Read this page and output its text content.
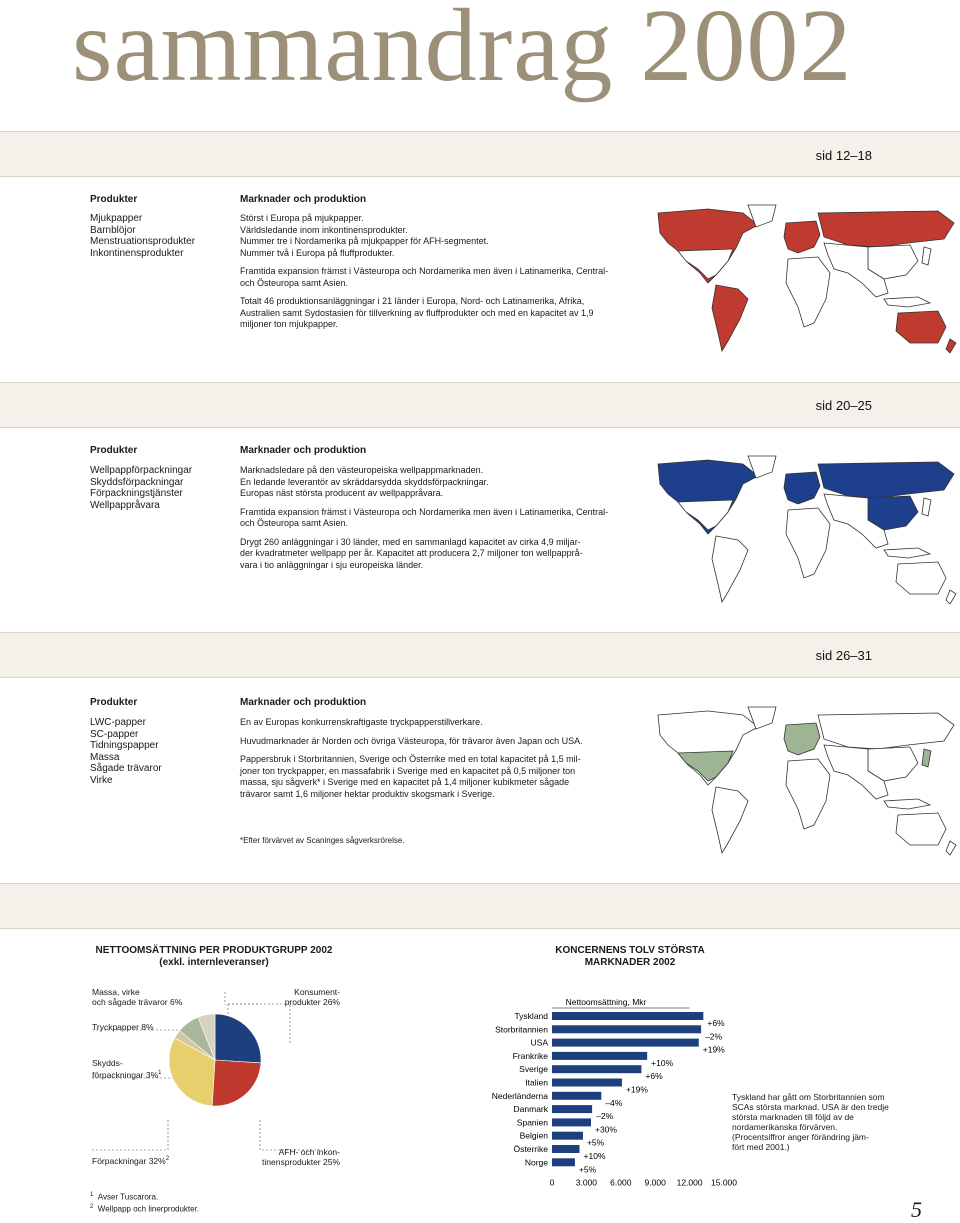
sammandrag 2002
sid 12–18
Produkter	Marknader och produktion
Mjukpapper
Barnblöjor
Menstruationsprodukter
Inkontinensprodukter

Störst i Europa på mjukpapper.
Världsledande inom inkontinensprodukter.
Nummer tre i Nordamerika på mjukpapper för AFH-segmentet.
Nummer två i Europa på fluffprodukter.

Framtida expansion främst i Västeuropa och Nordamerika men även i Latinamerika, Central- och Östeuropa samt Asien.

Totalt 46 produktionsanläggningar i 21 länder i Europa, Nord- och Latinamerika, Afrika, Australien samt Sydostasien för tillverkning av fluffprodukter och med en kapacitet av 1,9 miljoner ton mjukpapper.

sid 20–25
Produkter	Marknader och produktion
Wellpappförpackningar
Skyddsförpackningar
Förpackningstjänster
Wellpappråvara

Marknadsledare på den västeuropeiska wellpappmarknaden.
En ledande leverantör av skräddarsydda skyddsförpackningar.
Europas näst största producent av wellpappråvara.

Framtida expansion främst i Västeuropa och Nordamerika men även i Latinamerika, Central- och Östeuropa samt Asien.

Drygt 260 anläggningar i 30 länder, med en sammanlagd kapacitet av cirka 4,9 miljar-
der kvadratmeter wellpapp per år. Kapacitet att producera 2,7 miljoner ton wellpapprå-
vara i tio anläggningar i sju europeiska länder.

sid 26–31
Produkter	Marknader och produktion
LWC-papper
SC-papper
Tidningspapper
Massa
Sågade trävaror
Virke

En av Europas konkurrenskraftigaste tryckpapperstillverkare.

Huvudmarknader är Norden och övriga Västeuropa, för trävaror även Japan och USA.

Pappersbruk i Storbritannien, Sverige och Österrike med en total kapacitet på 1,5 mil-
joner ton tryckpapper, en massafabrik i Sverige med en kapacitet på 0,5 miljoner ton
massa, sju sågverk* i Sverige med en kapacitet på 1,4 miljoner kubikmeter sågade
trävaror samt 1,6 miljoner hektar produktiv skogsmark i Sverige.

*Efter förvärvet av Scaninges sågverksrörelse.
NETTOOMSÄTTNING PER PRODUKTGRUPP 2002
(exkl. internleveranser)
Massa, virke
och sågade trävaror 6%
Tryckpapper 8%
Skydds-
förpackningar 3%$^1$
Förpackningar 32%$^2$
Konsument-
produkter 26%
AFH- och inkon-
tinensprodukter 25%
$^1$ Avser Tuscarora.
$^2$ Wellpapp och linerprodukter.
KONCERNENS TOLV STÖRSTA
MARKNADER 2002
Nettoomsättning, Mkr
Tyskland
+6%
Storbritannien
–2%
USA
+19%
Frankrike
+10%
Sverige
+6%
Italien
+19%
Nederländerna
–4%
Danmark
–2%
Spanien
+30%
Belgien
+5%
Österrike
+10%
Norge
+5%
0	3.000 6.000 9.000 12.000 15.000
Tyskland har gått om Storbritannien som SCAs största marknad. USA är den tredje största marknaden till följd av de nordamerikanska förvärven. (Procentsiffror anger förändring jäm-
fört med 2001.)
5
